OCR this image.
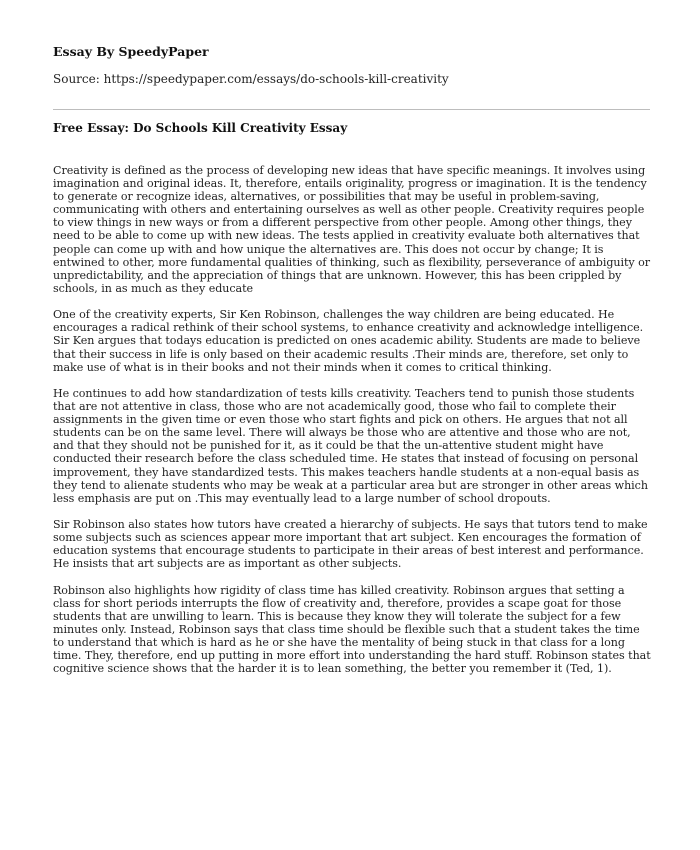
Essay By SpeedyPaper

Source: https://speedypaper.com/essays/do-schools-kill-creativity

Free Essay: Do Schools Kill Creativity Essay

Creativity is defined as the process of developing new ideas that have specific meanings. It involves using imagination and original ideas. It, therefore, entails originality, progress or imagination. It is the tendency to generate or recognize ideas, alternatives, or possibilities that may be useful in problem-saving, communicating with others and entertaining ourselves as well as other people. Creativity requires people to view things in new ways or from a different perspective from other people. Among other things, they need to be able to come up with new ideas. The tests applied in creativity evaluate both alternatives that people can come up with and how unique the alternatives are. This does not occur by change; It is entwined to other, more fundamental qualities of thinking, such as flexibility, perseverance of ambiguity or unpredictability, and the appreciation of things that are unknown. However, this has been crippled by schools, in as much as they educate

One of the creativity experts, Sir Ken Robinson, challenges the way children are being educated. He encourages a radical rethink of their school systems, to enhance creativity and acknowledge intelligence. Sir Ken argues that todays education is predicted on ones academic ability. Students are made to believe that their success in life is only based on their academic results .Their minds are, therefore, set only to make use of what is in their books and not their minds when it comes to critical thinking.

He continues to add how standardization of tests kills creativity. Teachers tend to punish those students that are not attentive in class, those who are not academically good, those who fail to complete their assignments in the given time or even those who start fights and pick on others. He argues that not all students can be on the same level. There will always be those who are attentive and those who are not, and that they should not be punished for it, as it could be that the un-attentive student might have conducted their research before the class scheduled time. He states that instead of focusing on personal improvement, they have standardized tests. This makes teachers handle students at a non-equal basis as they tend to alienate students who may be weak at a particular area but are stronger in other areas which less emphasis are put on .This may eventually lead to a large number of school dropouts.

Sir Robinson also states how tutors have created a hierarchy of subjects. He says that tutors tend to make some subjects such as sciences appear more important that art subject. Ken encourages the formation of education systems that encourage students to participate in their areas of best interest and performance. He insists that art subjects are as important as other subjects.

Robinson also highlights how rigidity of class time has killed creativity. Robinson argues that setting a class for short periods interrupts the flow of creativity and, therefore, provides a scape goat for those students that are unwilling to learn. This is because they know they will tolerate the subject for a few minutes only. Instead, Robinson says that class time should be flexible such that a student takes the time to understand that which is hard as he or she have the mentality of being stuck in that class for a long time. They, therefore, end up putting in more effort into understanding the hard stuff. Robinson states that cognitive science shows that the harder it is to lean something, the better you remember it (Ted, 1).
